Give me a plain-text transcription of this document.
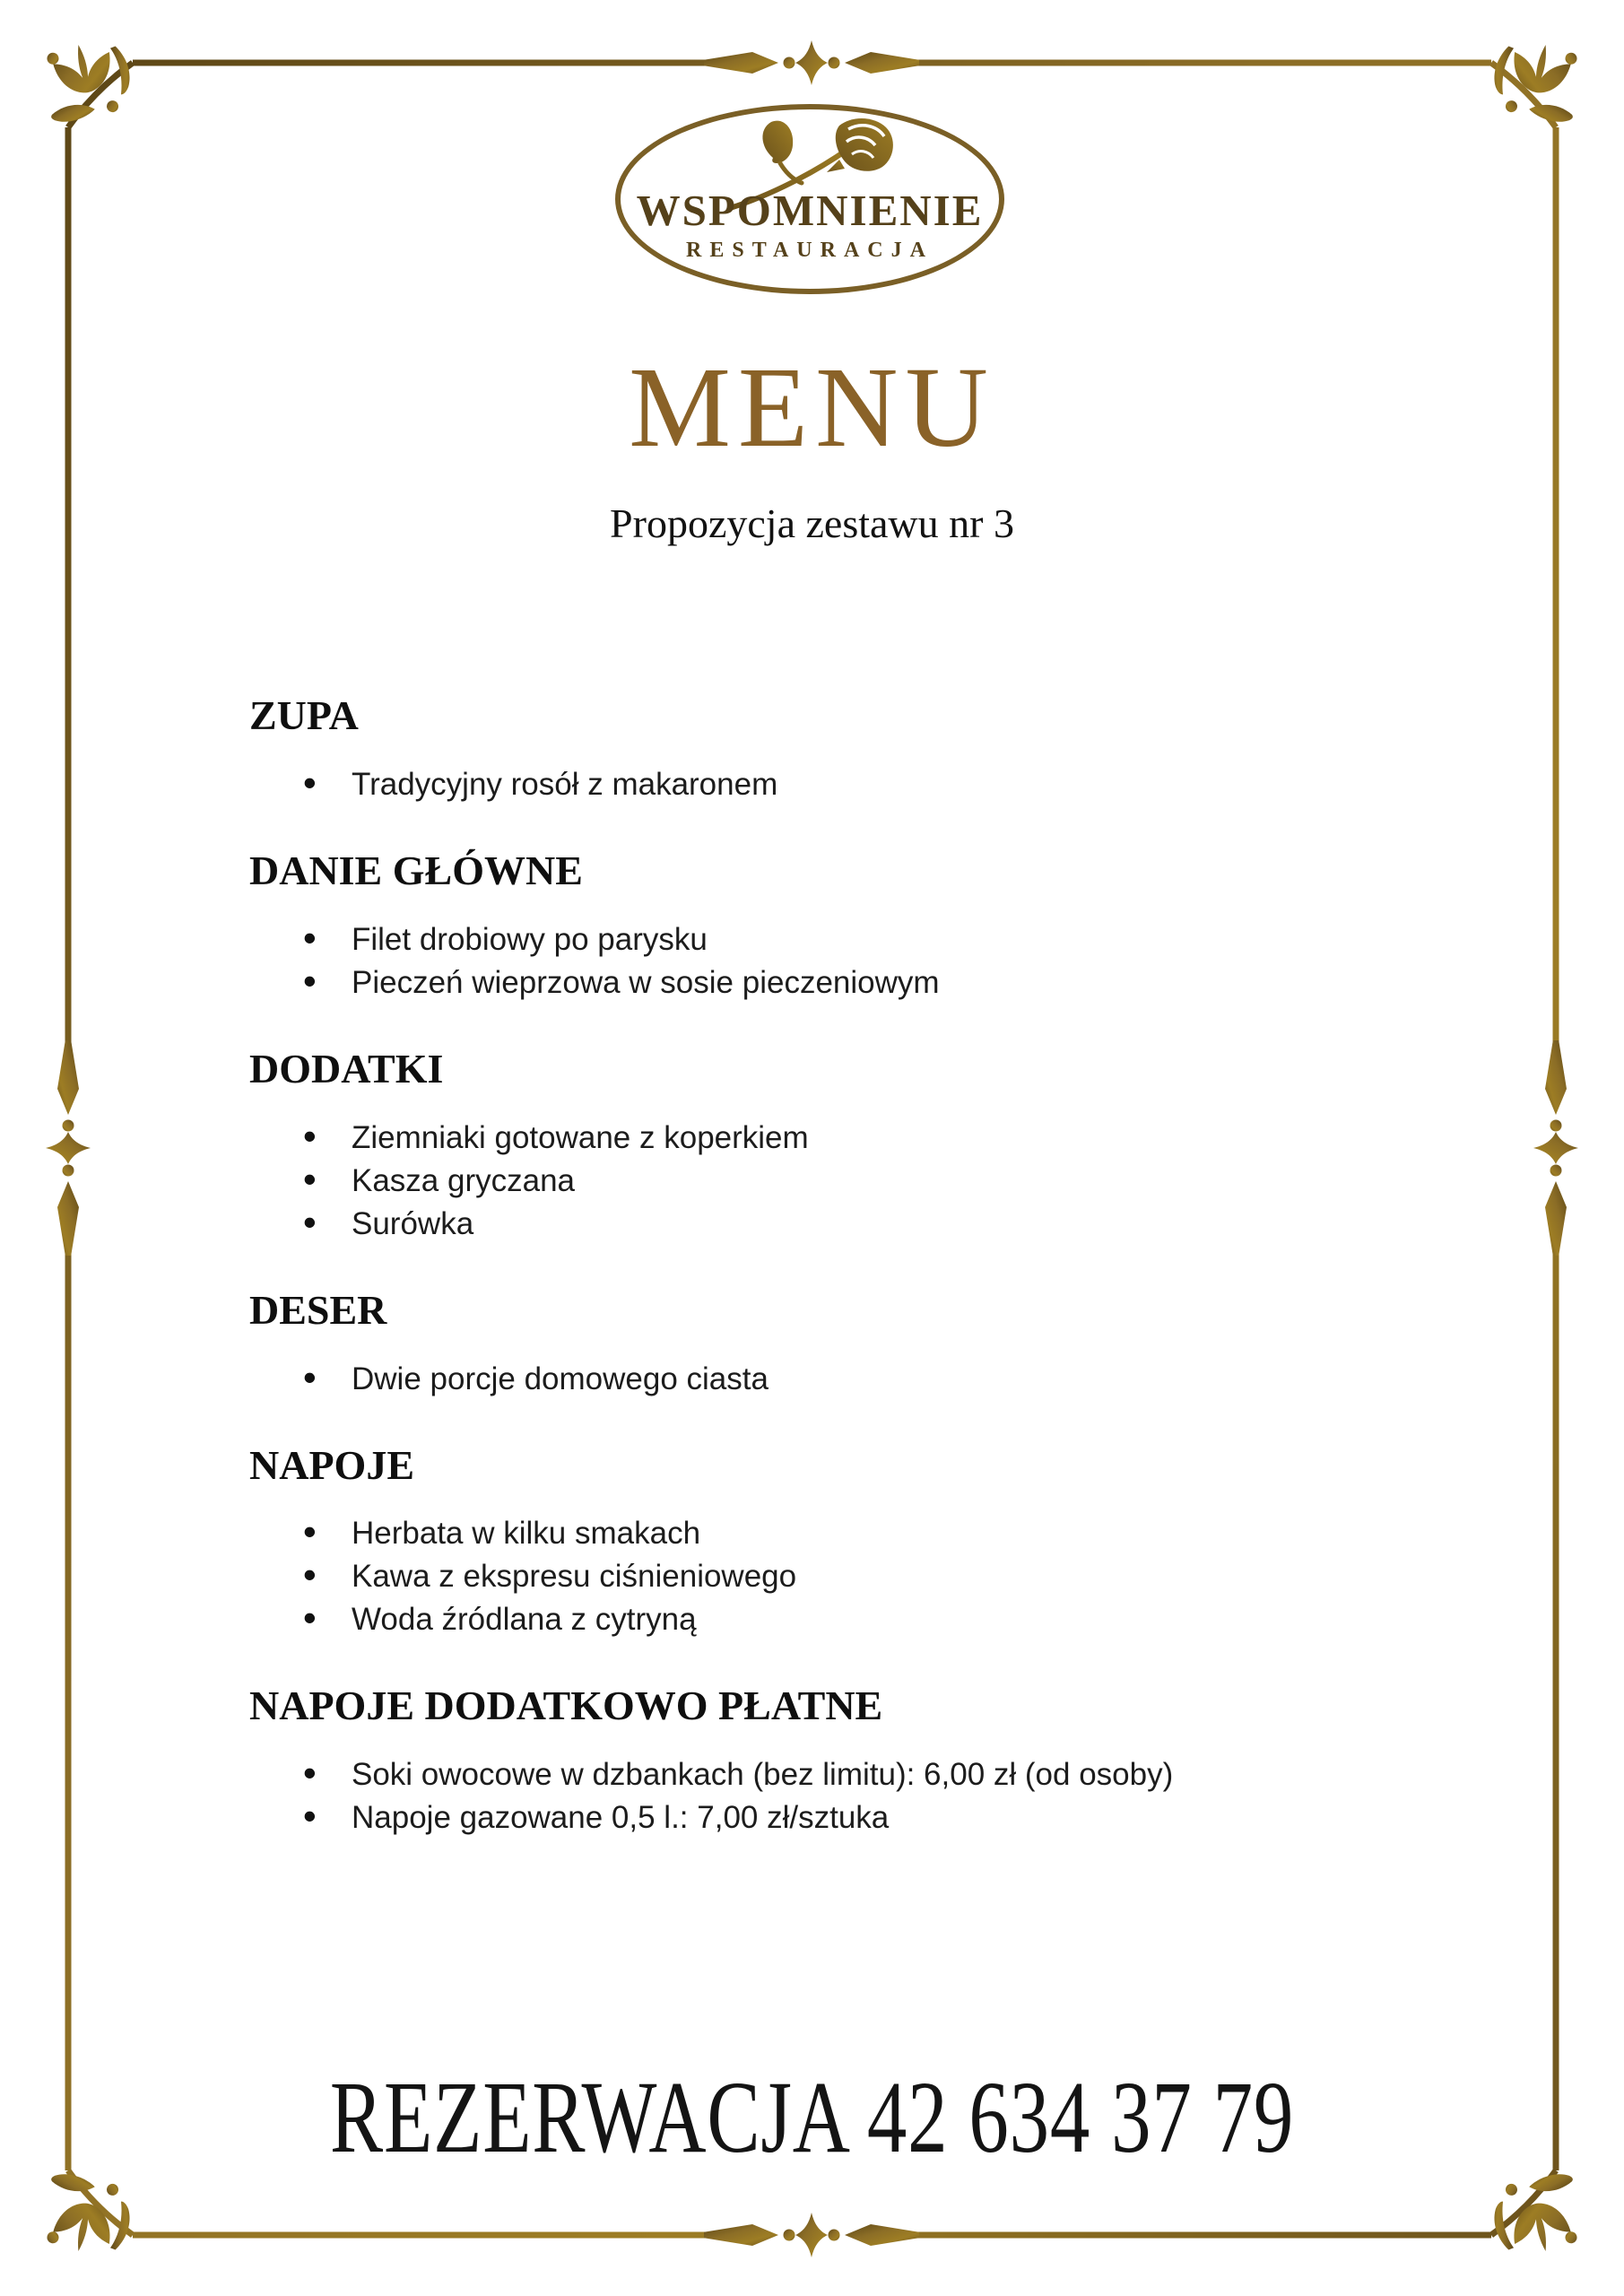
WSPOMNIENIE
RESTAURACJA
MENU
Propozycja zestawu nr 3
ZUPA
• Tradycyjny rosół z makaronem
DANIE GŁÓWNE
• Filet drobiowy po parysku
• Pieczeń wieprzowa w sosie pieczeniowym
DODATKI
• Ziemniaki gotowane z koperkiem
• Kasza gryczana
• Surówka
DESER
• Dwie porcje domowego ciasta
NAPOJE
• Herbata w kilku smakach
• Kawa z ekspresu ciśnieniowego
• Woda źródlana z cytryną
NAPOJE DODATKOWO PŁATNE
• Soki owocowe w dzbankach (bez limitu): 6,00 zł (od osoby)
• Napoje gazowane 0,5 l.: 7,00 zł/sztuka
REZERWACJA 42 634 37 79
